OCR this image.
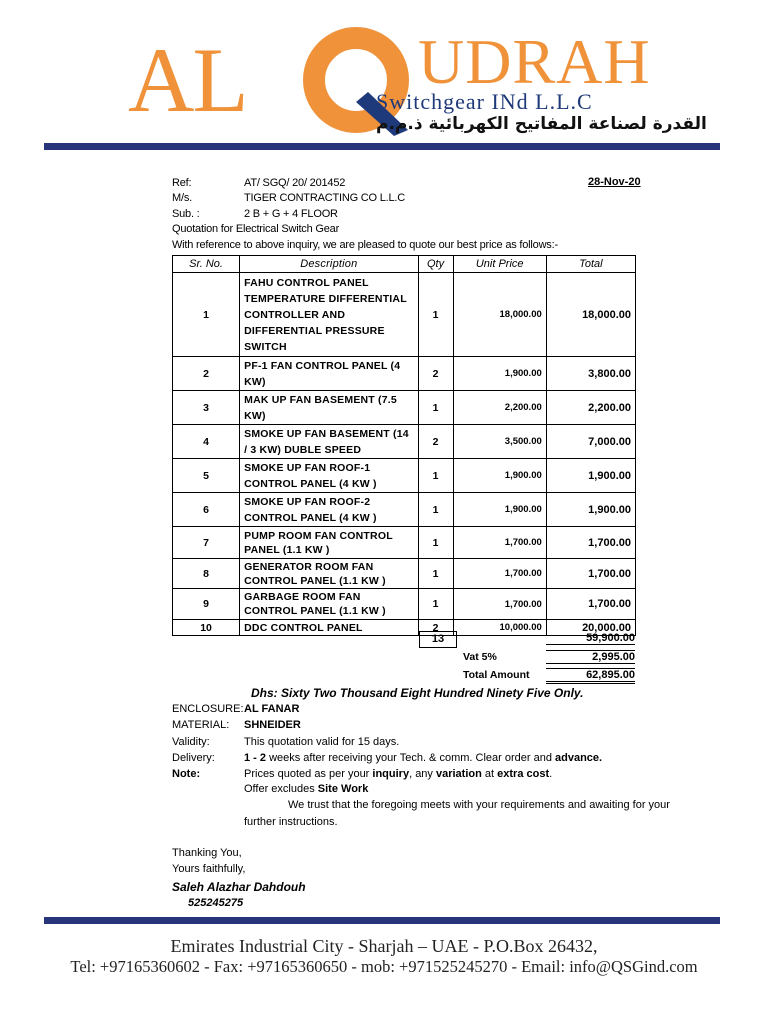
AL	UDRAH
Switchgear INd L.L.C
القدرة لصناعة المفاتيح الكهربائية ذ.م.م
Ref:	AT/ SGQ/ 20/ 201452	28-Nov-20
M/s.	TIGER CONTRACTING CO L.L.C
Sub. :	2 B + G + 4 FLOOR
Quotation for Electrical Switch Gear
With reference to above inquiry, we are pleased to quote our best price as follows:-
Sr. No.	Description	Qty	Unit Price	Total
1	FAHU CONTROL PANEL TEMPERATURE DIFFERENTIAL CONTROLLER AND DIFFERENTIAL PRESSURE SWITCH	1	18,000.00	18,000.00
2	PF-1 FAN CONTROL PANEL (4 KW)	2	1,900.00	3,800.00
3	MAK UP FAN BASEMENT (7.5 KW)	1	2,200.00	2,200.00
4	SMOKE UP FAN BASEMENT (14 / 3 KW) DUBLE SPEED	2	3,500.00	7,000.00
5	SMOKE UP FAN ROOF-1 CONTROL PANEL (4 KW )	1	1,900.00	1,900.00
6	SMOKE UP FAN ROOF-2 CONTROL PANEL (4 KW )	1	1,900.00	1,900.00
7	PUMP ROOM FAN CONTROL PANEL (1.1 KW )	1	1,700.00	1,700.00
8	GENERATOR ROOM FAN CONTROL PANEL (1.1 KW )	1	1,700.00	1,700.00
9	GARBAGE ROOM FAN CONTROL PANEL (1.1 KW )	1	1,700.00	1,700.00
10	DDC CONTROL PANEL	2	10,000.00	20,000.00
13	59,900.00
Vat 5%	2,995.00
Total Amount	62,895.00
Dhs: Sixty Two Thousand Eight Hundred Ninety Five Only.
ENCLOSURE: AL FANAR
MATERIAL: SHNEIDER
Validity:	This quotation valid for 15 days.
Delivery:	1 - 2 weeks after receiving your Tech. & comm. Clear order and advance.
Note:	Prices quoted as per your inquiry, any variation at extra cost.
Offer excludes Site Work
We trust that the foregoing meets with your requirements and awaiting for your
further instructions.
Thanking You,
Yours faithfully,
Saleh Alazhar Dahdouh
525245275
Emirates Industrial City - Sharjah – UAE - P.O.Box 26432,
Tel: +97165360602 - Fax: +97165360650 - mob: +971525245270 - Email: info@QSGind.com
